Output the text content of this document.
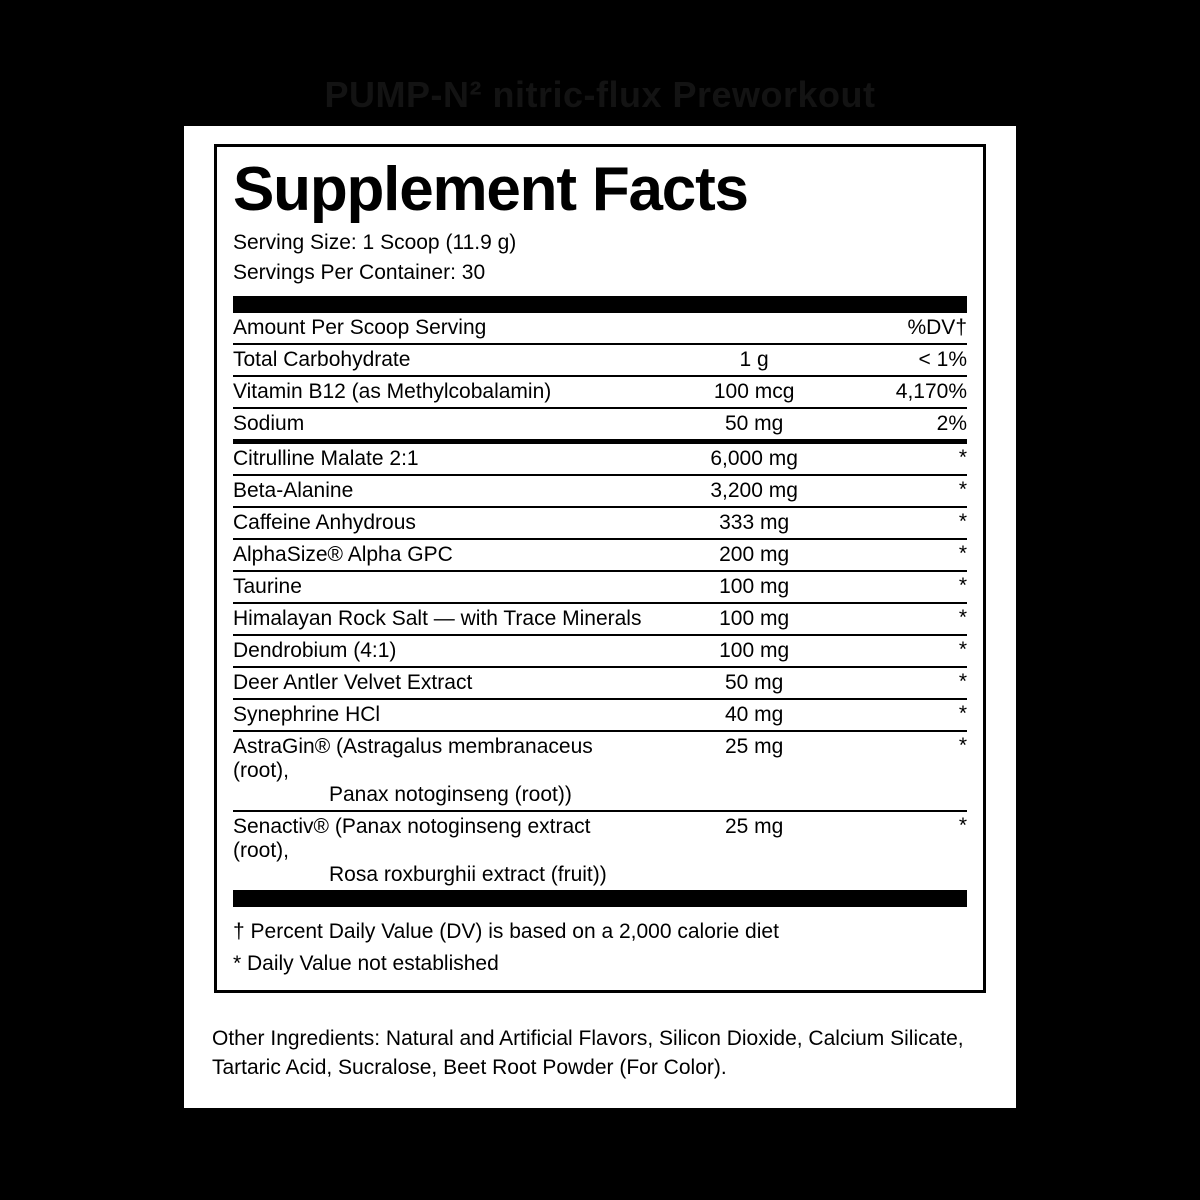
PUMP-N² nitric-flux Preworkout
Supplement Facts
Serving Size: 1 Scoop (11.9 g)
Servings Per Container: 30
Amount Per Scoop Serving		%DV†
Total Carbohydrate	1 g	< 1%
Vitamin B12 (as Methylcobalamin)	100 mcg	4,170%
Sodium	50 mg	2%
Citrulline Malate 2:1	6,000 mg	*
Beta-Alanine	3,200 mg	*
Caffeine Anhydrous	333 mg	*
AlphaSize® Alpha GPC	200 mg	*
Taurine	100 mg	*
Himalayan Rock Salt — with Trace Minerals	100 mg	*
Dendrobium (4:1)	100 mg	*
Deer Antler Velvet Extract	50 mg	*
Synephrine HCl	40 mg	*
AstraGin® (Astragalus membranaceus (root),
Panax notoginseng (root))	25 mg	*
Senactiv® (Panax notoginseng extract (root),
Rosa roxburghii extract (fruit))	25 mg	*
† Percent Daily Value (DV) is based on a 2,000 calorie diet
* Daily Value not established
Other Ingredients: Natural and Artificial Flavors, Silicon Dioxide, Calcium Silicate, Tartaric Acid, Sucralose, Beet Root Powder (For Color).
